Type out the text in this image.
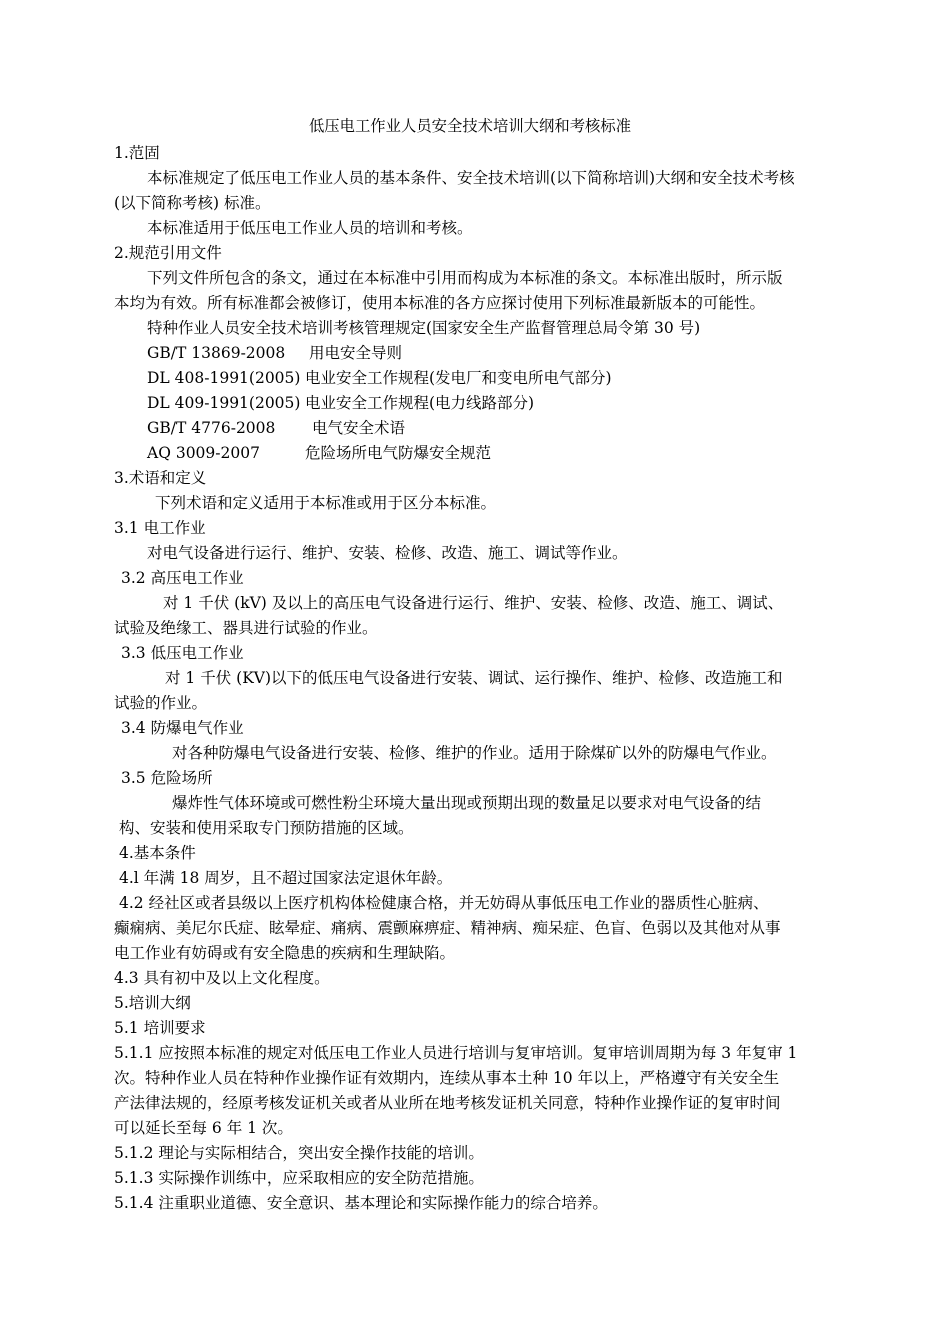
低压电工作业人员安全技术培训大纲和考核标准
1.范固
本标准规定了低压电工作业人员的基本条件、安全技术培训(以下简称培训)大纲和安全技术考核
(以下简称考核) 标准。
本标准适用于低压电工作业人员的培训和考核。
2.规范引用文件
下列文件所包含的条文，通过在本标准中引用而构成为本标准的条文。本标准出版时，所示版
本均为有效。所有标准都会被修订，使用本标准的各方应探讨使用下列标准最新版本的可能性。
特种作业人员安全技术培训考核管理规定(国家安全生产监督管理总局令第 30 号)
GB/T 13869-2008 用电安全导则
DL 408-1991(2005) 电业安全工作规程(发电厂和变电所电气部分)
DL 409-1991(2005) 电业安全工作规程(电力线路部分)
GB/T 4776-2008 电气安全术语
AQ 3009-2007	危险场所电气防爆安全规范
3.术语和定义
下列术语和定义适用于本标准或用于区分本标准。
3.1 电工作业
对电气设备进行运行、维护、安装、检修、改造、施工、调试等作业。
3.2 高压电工作业
对 1 千伏 (kV) 及以上的高压电气设备进行运行、维护、安装、检修、改造、施工、调试、
试验及绝缘工、器具进行试验的作业。
3.3 低压电工作业
对 1 千伏 (KV)以下的低压电气设备进行安装、调试、运行操作、维护、检修、改造施工和
试验的作业。
3.4 防爆电气作业
对各种防爆电气设备进行安装、检修、维护的作业。适用于除煤矿以外的防爆电气作业。
3.5 危险场所
爆炸性气体环境或可燃性粉尘环境大量出现或预期出现的数量足以要求对电气设备的结
构、安装和使用采取专门预防措施的区域。
4.基本条件
4.l 年满 18 周岁，且不超过国家法定退休年龄。
4.2 经社区或者县级以上医疗机构体检健康合格，并无妨碍从事低压电工作业的器质性心脏病、
癫痫病、美尼尔氏症、眩晕症、痛病、震颤麻痹症、精神病、痴呆症、色盲、色弱以及其他对从事
电工作业有妨碍或有安全隐患的疾病和生理缺陷。
4.3 具有初中及以上文化程度。
5.培训大纲
5.1 培训要求
5.1.1 应按照本标准的规定对低压电工作业人员进行培训与复审培训。复审培训周期为每 3 年复审 1
次。特种作业人员在特种作业操作证有效期内，连续从事本土种 10 年以上，严格遵守有关安全生
产法律法规的，经原考核发证机关或者从业所在地考核发证机关同意，特种作业操作证的复审时间
可以延长至每 6 年 1 次。
5.1.2 理论与实际相结合，突出安全操作技能的培训。
5.1.3 实际操作训练中，应采取相应的安全防范措施。
5.1.4 注重职业道德、安全意识、基本理论和实际操作能力的综合培养。
